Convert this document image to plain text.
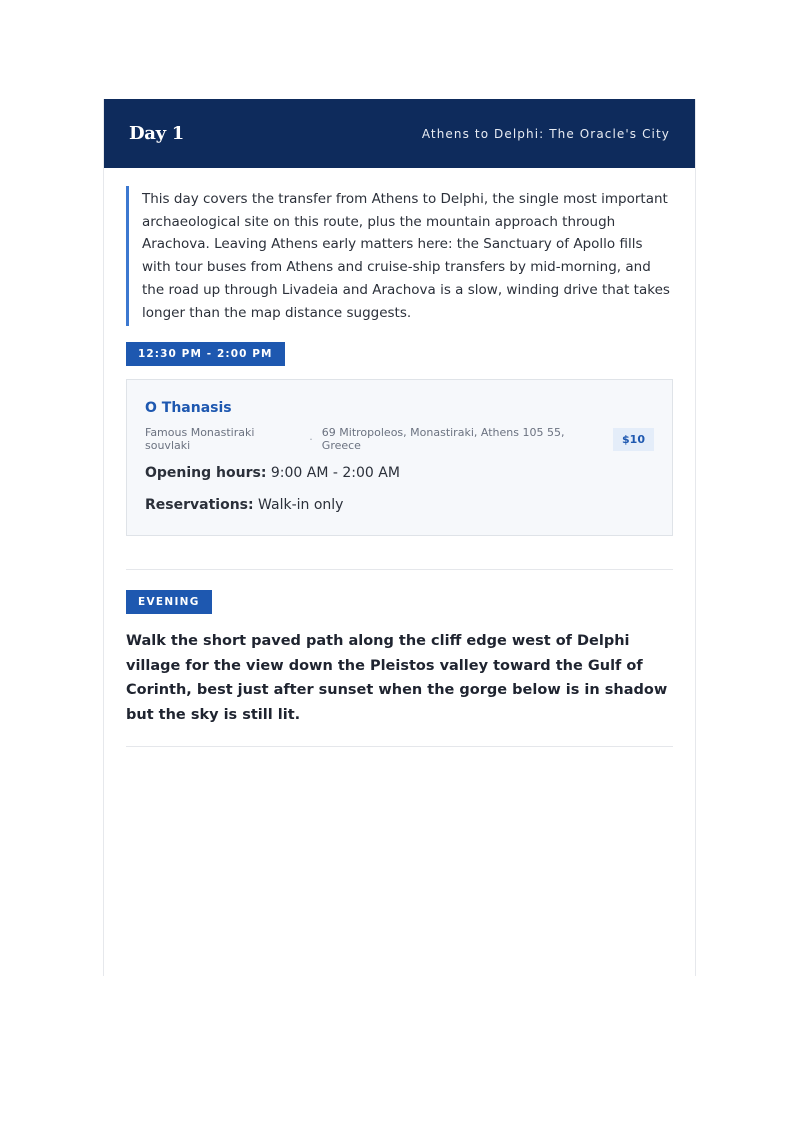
Day 1	Athens to Delphi: The Oracle's City
This day covers the transfer from Athens to Delphi, the single most important archaeological site on this route, plus the mountain approach through Arachova. Leaving Athens early matters here: the Sanctuary of Apollo fills with tour buses from Athens and cruise-ship transfers by mid-morning, and the road up through Livadeia and Arachova is a slow, winding drive that takes longer than the map distance suggests.
12:30 PM - 2:00 PM
O Thanasis
Famous Monastiraki souvlaki	· 69 Mitropoleos, Monastiraki, Athens 105 55, Greece	$10
Opening hours: 9:00 AM - 2:00 AM
Reservations: Walk-in only
EVENING
Walk the short paved path along the cliff edge west of Delphi village for the view down the Pleistos valley toward the Gulf of Corinth, best just after sunset when the gorge below is in shadow but the sky is still lit.
